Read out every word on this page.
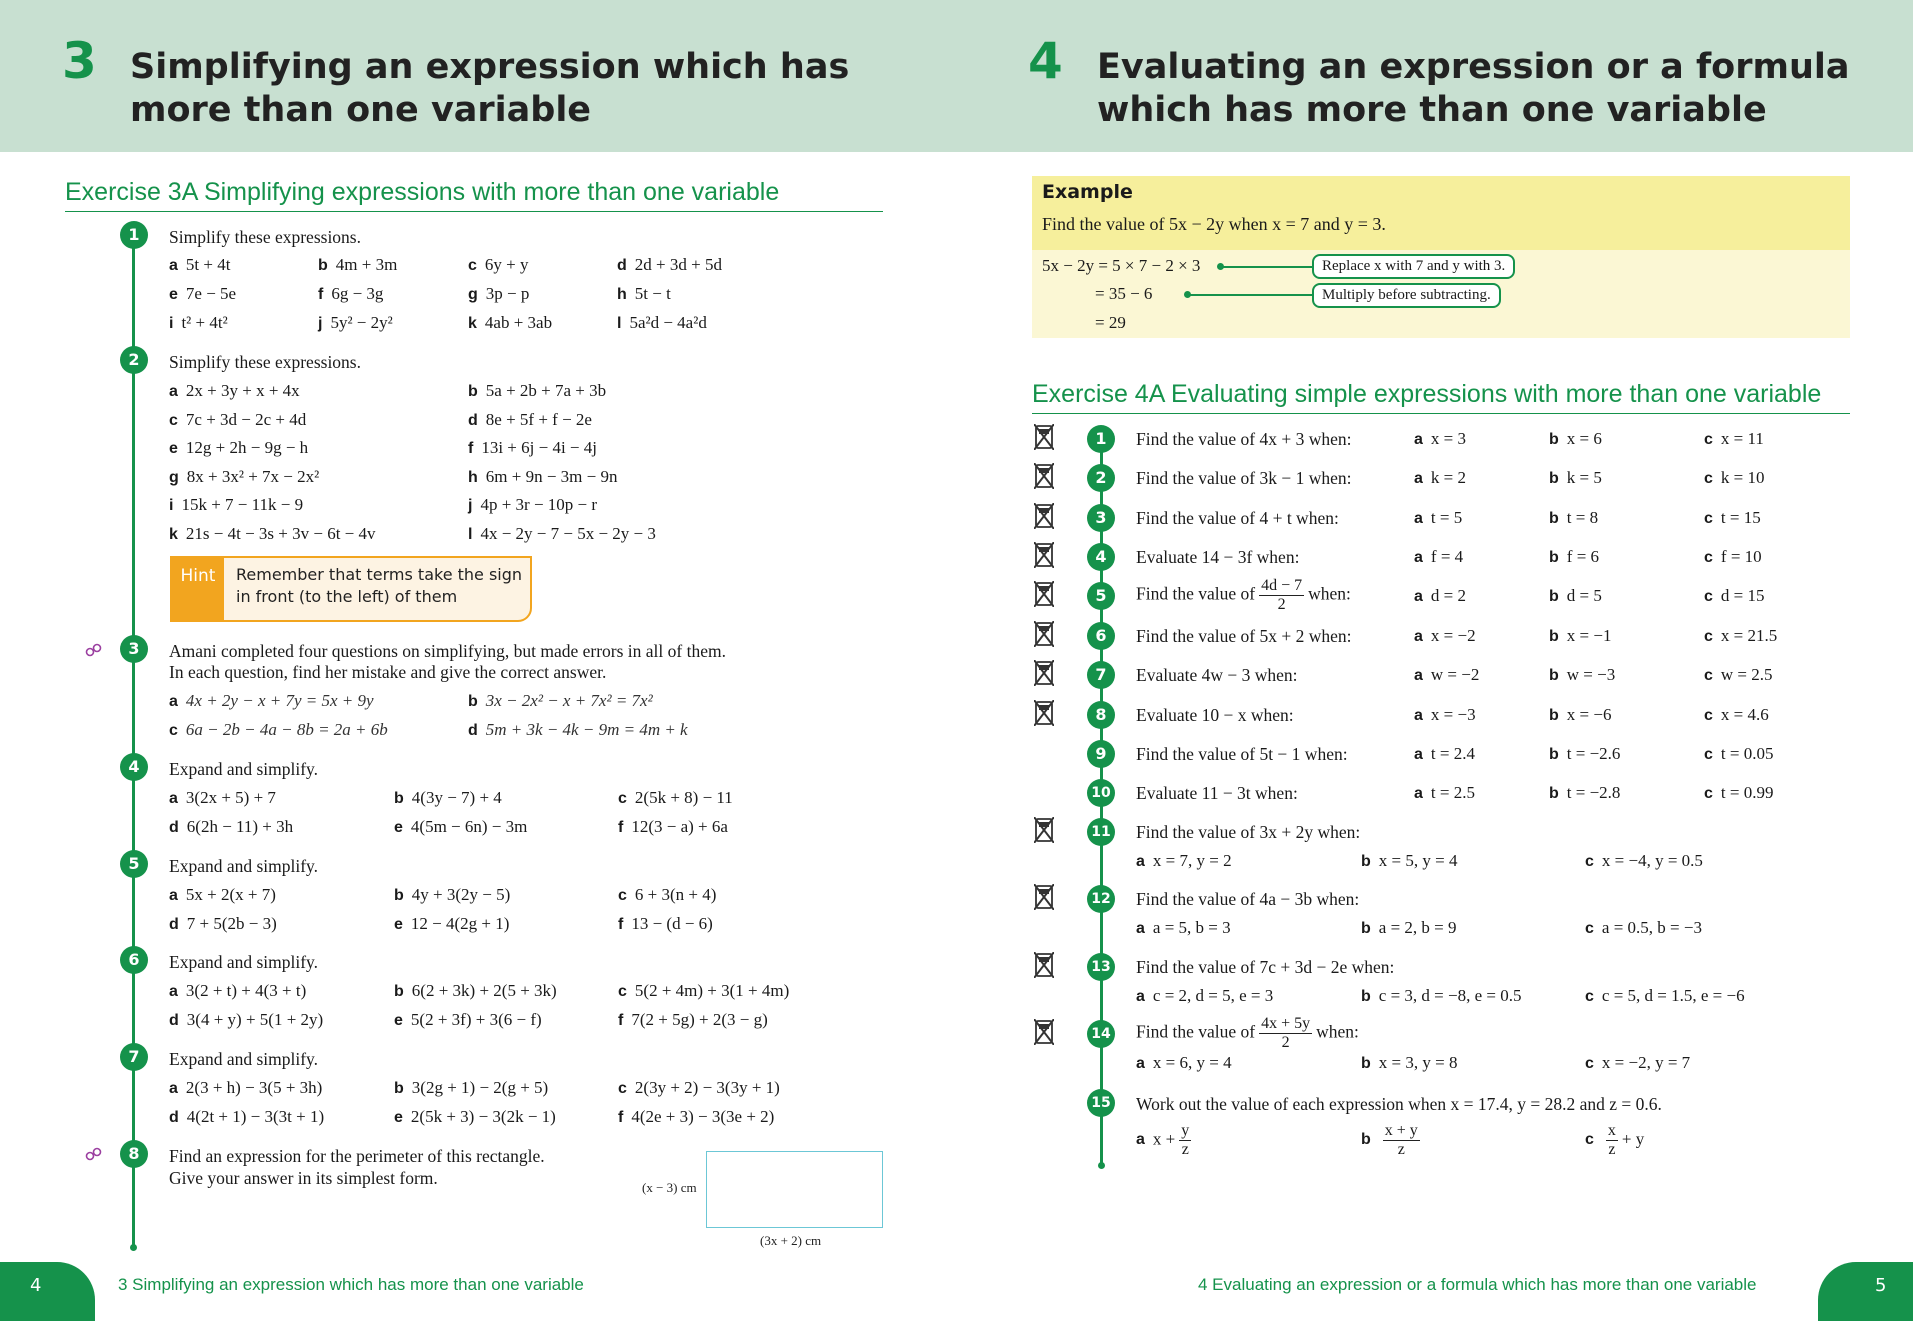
3 Simplifying an expression which has
more than one variable
4 Evaluating an expression or a formula
which has more than one variable
Exercise 3A Simplifying expressions with more than one variable
1	Simplify these expressions.
a 5t + 4t	b 4m + 3m	c 6y + y	d 2d + 3d + 5d
e 7e − 5e	f 6g − 3g	g 3p − p	h 5t − t
i t² + 4t²	j 5y² − 2y²	k 4ab + 3ab	l 5a²d − 4a²d
2	Simplify these expressions.
a 2x + 3y + x + 4x	b 5a + 2b + 7a + 3b
c 7c + 3d − 2c + 4d	d 8e + 5f + f − 2e
e 12g + 2h − 9g − h	f 13i + 6j − 4i − 4j
g 8x + 3x² + 7x − 2x²	h 6m + 9n − 3m − 9n
i 15k + 7 − 11k − 9	j 4p + 3r − 10p − r
k 21s − 4t − 3s + 3v − 6t − 4v	l 4x − 2y − 7 − 5x − 2y − 3
Hint	Remember that terms take the sign
in front (to the left) of them
3	Amani completed four questions on simplifying, but made errors in all of them.
In each question, find her mistake and give the correct answer.
a 4x + 2y − x + 7y = 5x + 9y	b 3x − 2x² − x + 7x² = 7x²
c 6a − 2b − 4a − 8b = 2a + 6b	d 5m + 3k − 4k − 9m = 4m + k
4	Expand and simplify.
a 3(2x + 5) + 7	b 4(3y − 7) + 4	c 2(5k + 8) − 11
d 6(2h − 11) + 3h	e 4(5m − 6n) − 3m	f 12(3 − a) + 6a
5	Expand and simplify.
a 5x + 2(x + 7)	b 4y + 3(2y − 5)	c 6 + 3(n + 4)
d 7 + 5(2b − 3)	e 12 − 4(2g + 1)	f 13 − (d − 6)
6	Expand and simplify.
a 3(2 + t) + 4(3 + t)	b 6(2 + 3k) + 2(5 + 3k)	c 5(2 + 4m) + 3(1 + 4m)
d 3(4 + y) + 5(1 + 2y)	e 5(2 + 3f) + 3(6 − f)	f 7(2 + 5g) + 2(3 − g)
7	Expand and simplify.
a 2(3 + h) − 3(5 + 3h)	b 3(2g + 1) − 2(g + 5)	c 2(3y + 2) − 3(3y + 1)
d 4(2t + 1) − 3(3t + 1)	e 2(5k + 3) − 3(2k − 1)	f 4(2e + 3) − 3(3e + 2)
8	Find an expression for the perimeter of this rectangle.
Give your answer in its simplest form.	(x − 3) cm
(3x + 2) cm
Example
Find the value of 5x − 2y when x = 7 and y = 3.
5x − 2y = 5 × 7 − 2 × 3
= 35 − 6
= 29
Replace x with 7 and y with 3.
Multiply before subtracting.
Exercise 4A Evaluating simple expressions with more than one variable
1	Find the value of 4x + 3 when:	a x = 3	b x = 6	c x = 11
2	Find the value of 3k − 1 when:	a k = 2	b k = 5	c k = 10
3	Find the value of 4 + t when:	a t = 5	b t = 8	c t = 15
4	Evaluate 14 − 3f when:	a f = 4	b f = 6	c f = 10
5	Find the value of $\frac{4d - 7}{2}$ when:	a d = 2	b d = 5	c d = 15
6	Find the value of 5x + 2 when:	a x = −2	b x = −1	c x = 21.5
7	Evaluate 4w − 3 when:	a w = −2	b w = −3	c w = 2.5
8	Evaluate 10 − x when:	a x = −3	b x = −6	c x = 4.6
9	Find the value of 5t − 1 when:	a t = 2.4	b t = −2.6	c t = 0.05
10 Evaluate 11 − 3t when:	a t = 2.5	b t = −2.8	c t = 0.99
11 Find the value of 3x + 2y when:
a x = 7, y = 2	b x = 5, y = 4	c x = −4, y = 0.5
12 Find the value of 4a − 3b when:
a a = 5, b = 3	b a = 2, b = 9	c a = 0.5, b = −3
13 Find the value of 7c + 3d − 2e when:
a c = 2, d = 5, e = 3	b c = 3, d = −8, e = 0.5	c c = 5, d = 1.5, e = −6
14 Find the value of $\frac{4x + 5y}{2}$ when:
a x = 6, y = 4	b x = 3, y = 8	c x = −2, y = 7
15 Work out the value of each expression when x = 17.4, y = 28.2 and z = 0.6.
a $x + \frac{y}{z}$	b $\frac{x + y}{z}$	c $\frac{x}{z} + y$
4	3 Simplifying an expression which has more than one variable	4 Evaluating an expression or a formula which has more than one variable	5
